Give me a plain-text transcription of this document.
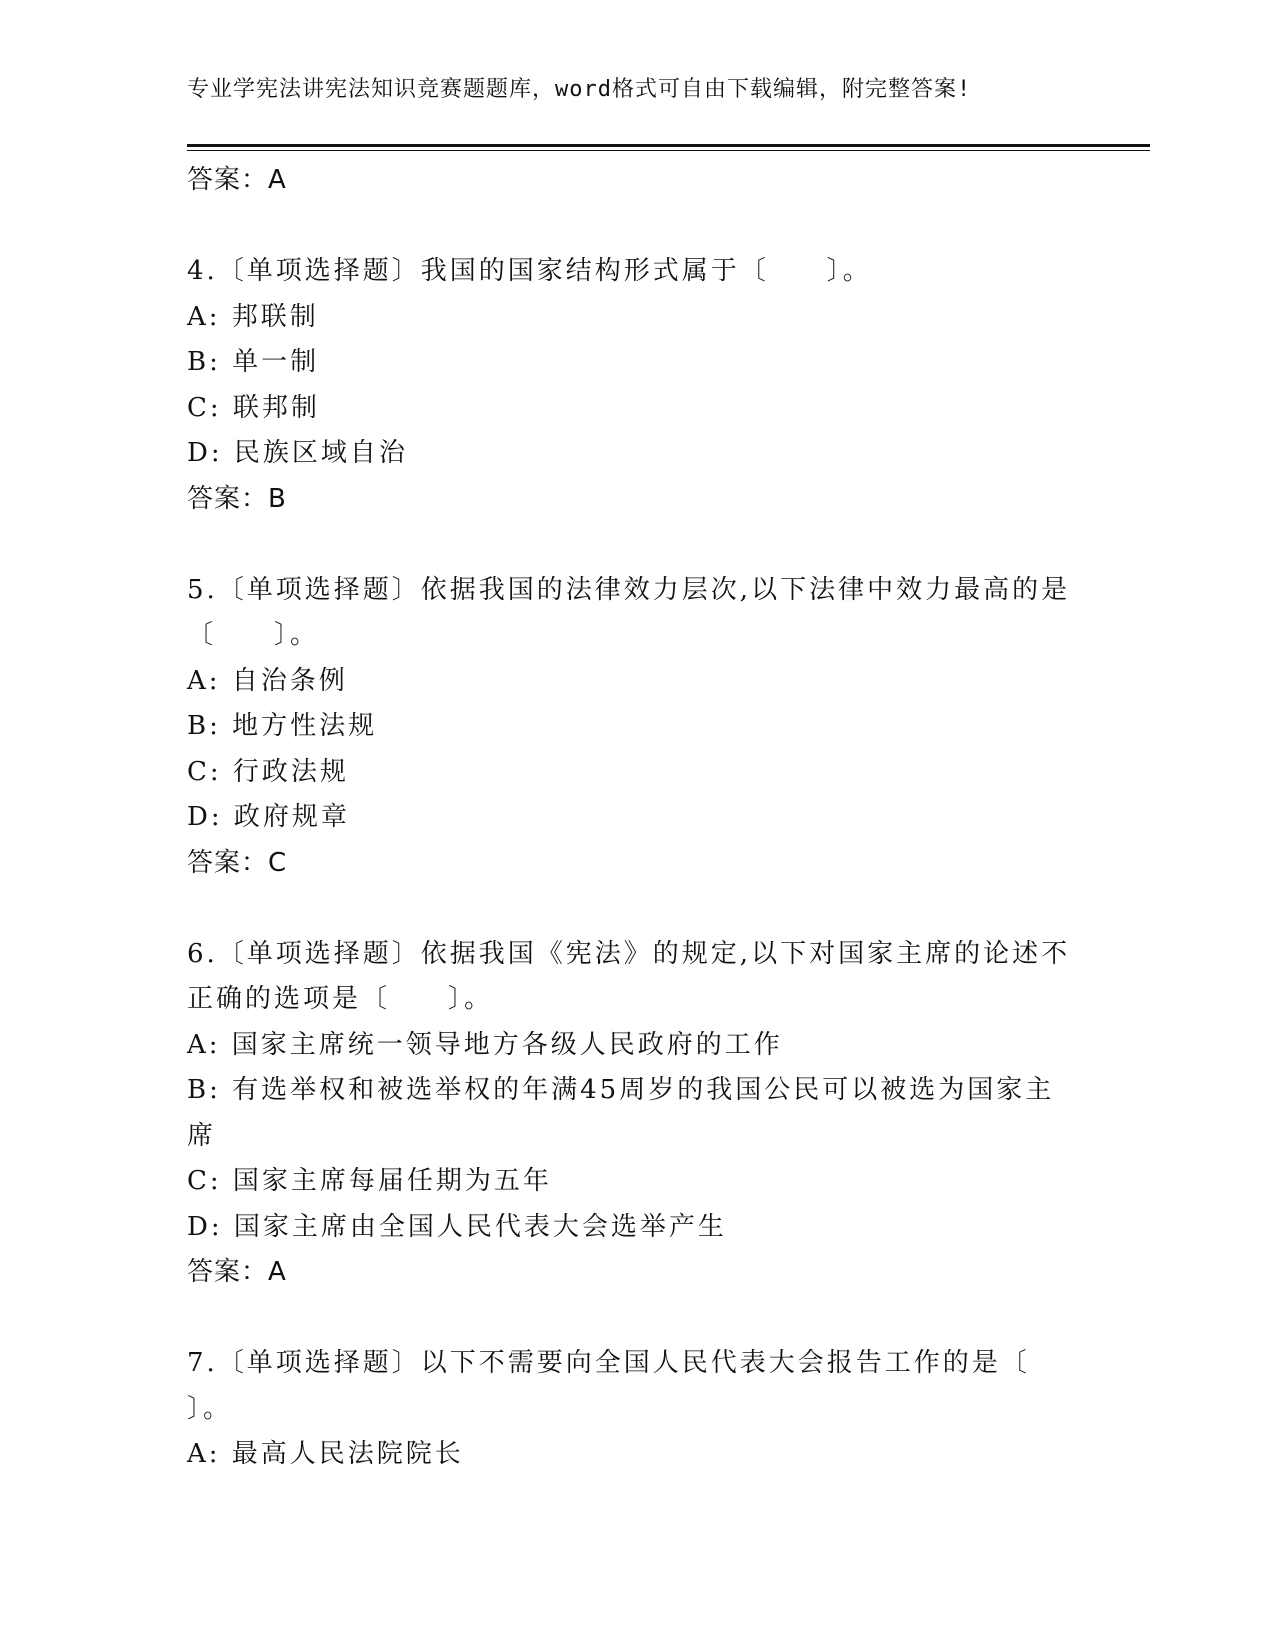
专业学宪法讲宪法知识竞赛题题库，word格式可自由下载编辑，附完整答案!
答案：A
4.〔单项选择题〕我国的国家结构形式属于〔　　〕。
A: 邦联制
B: 单一制
C: 联邦制
D: 民族区域自治
答案：B
5.〔单项选择题〕依据我国的法律效力层次,以下法律中效力最高的是
〔　　〕。
A: 自治条例
B: 地方性法规
C: 行政法规
D: 政府规章
答案：C
6.〔单项选择题〕依据我国《宪法》的规定,以下对国家主席的论述不
正确的选项是〔　　〕。
A: 国家主席统一领导地方各级人民政府的工作
B: 有选举权和被选举权的年满45周岁的我国公民可以被选为国家主
席
C: 国家主席每届任期为五年
D: 国家主席由全国人民代表大会选举产生
答案：A
7.〔单项选择题〕以下不需要向全国人民代表大会报告工作的是〔
〕。
A: 最高人民法院院长
